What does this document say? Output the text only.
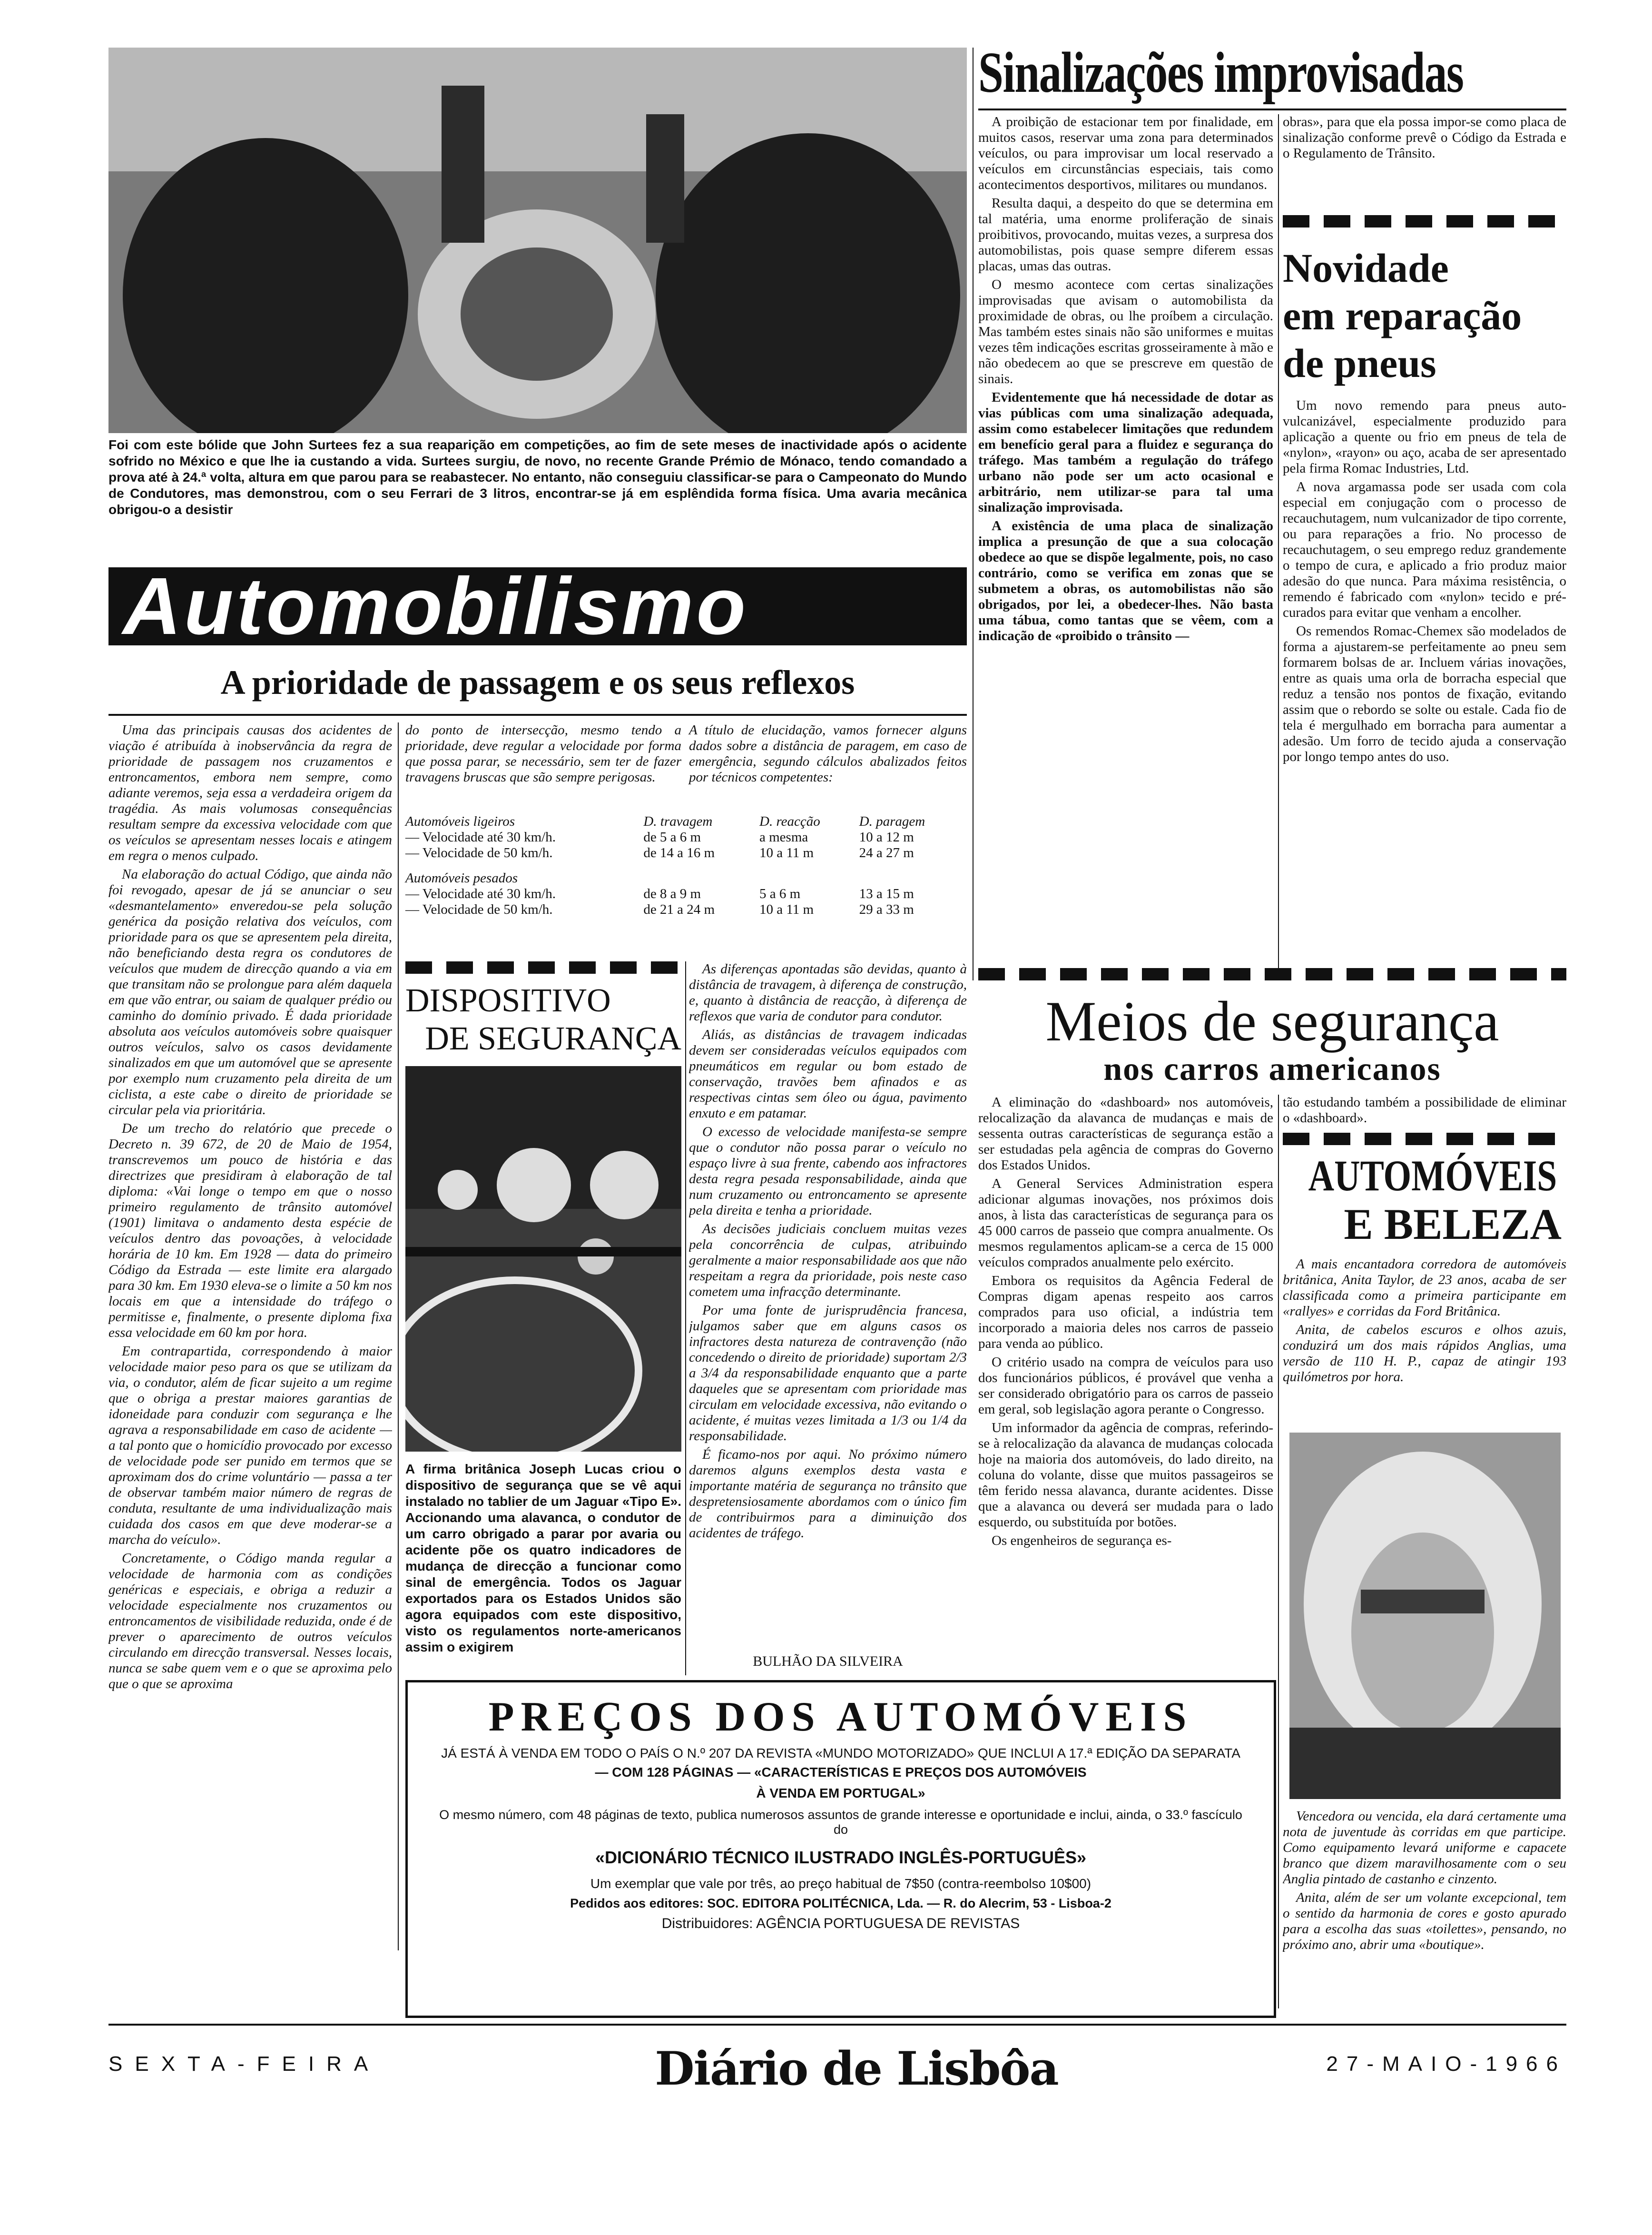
Foi com este bólide que John Surtees fez a sua reaparição em competições, ao fim de sete meses de inactividade após o acidente sofrido no México e que lhe ia custando a vida. Surtees surgiu, de novo, no recente Grande Prémio de Mónaco, tendo comandado a prova até à 24.ª volta, altura em que parou para se reabastecer. No entanto, não conseguiu classificar-se para o Campeonato do Mundo de Condutores, mas demonstrou, com o seu Ferrari de 3 litros, encontrar-se já em esplêndida forma física. Uma avaria mecânica obrigou-o a desistir
Automobilismo
A prioridade de passagem e os seus reflexos

Uma das principais causas dos acidentes de viação é atribuída à inobservância da regra de prioridade de passagem nos cruzamentos e entroncamentos, embora nem sempre, como adiante veremos, seja essa a verdadeira origem da tragédia. As mais volumosas consequências resultam sempre da excessiva velocidade com que os veículos se apresentam nesses locais e atingem em regra o menos culpado.

Na elaboração do actual Código, que ainda não foi revogado, apesar de já se anunciar o seu «desmantelamento» enveredou-se pela solução genérica da posição relativa dos veículos, com prioridade para os que se apresentem pela direita, não beneficiando desta regra os condutores de veículos que mudem de direcção quando a via em que transitam não se prolongue para além daquela em que vão entrar, ou saiam de qualquer prédio ou caminho do domínio privado. É dada prioridade absoluta aos veículos automóveis sobre quaisquer outros veículos, salvo os casos devidamente sinalizados em que um automóvel que se apresente por exemplo num cruzamento pela direita de um ciclista, a este cabe o direito de prioridade se circular pela via prioritária.

De um trecho do relatório que precede o Decreto n. 39 672, de 20 de Maio de 1954, transcrevemos um pouco de história e das directrizes que presidiram à elaboração de tal diploma: «Vai longe o tempo em que o nosso primeiro regulamento de trânsito automóvel (1901) limitava o andamento desta espécie de veículos dentro das povoações, à velocidade horária de 10 km. Em 1928 — data do primeiro Código da Estrada — este limite era alargado para 30 km. Em 1930 eleva-se o limite a 50 km nos locais em que a intensidade do tráfego o permitisse e, finalmente, o presente diploma fixa essa velocidade em 60 km por hora.

Em contrapartida, correspondendo à maior velocidade maior peso para os que se utilizam da via, o condutor, além de ficar sujeito a um regime que o obriga a prestar maiores garantias de idoneidade para conduzir com segurança e lhe agrava a responsabilidade em caso de acidente — a tal ponto que o homicídio provocado por excesso de velocidade pode ser punido em termos que se aproximam dos do crime voluntário — passa a ter de observar também maior número de regras de conduta, resultante de uma individualização mais cuidada dos casos em que deve moderar-se a marcha do veículo».

Concretamente, o Código manda regular a velocidade de harmonia com as condições genéricas e especiais, e obriga a reduzir a velocidade especialmente nos cruzamentos ou entroncamentos de visibilidade reduzida, onde é de prever o aparecimento de outros veículos circulando em direcção transversal. Nesses locais, nunca se sabe quem vem e o que se aproxima pelo que o que se aproxima

do ponto de intersecção, mesmo tendo a prioridade, deve regular a velocidade por forma que possa parar, se necessário, sem ter de fazer travagens bruscas que são sempre perigosas.
A título de elucidação, vamos fornecer alguns dados sobre a distância de paragem, em caso de emergência, segundo cálculos abalizados feitos por técnicos competentes:
Automóveis ligeiros	D. travagem	D. reacção	D. paragem
— Velocidade até 30 km/h.	de 5 a 6 m	a mesma	10 a 12 m
— Velocidade de 50 km/h.	de 14 a 16 m	10 a 11 m	24 a 27 m
Automóveis pesados			
— Velocidade até 30 km/h.	de 8 a 9 m	5 a 6 m	13 a 15 m
— Velocidade de 50 km/h.	de 21 a 24 m	10 a 11 m	29 a 33 m
DISPOSITIVO
DE SEGURANÇA
A firma britânica Joseph Lucas criou o dispositivo de segurança que se vê aqui instalado no tablier de um Jaguar «Tipo E». Accionando uma alavanca, o condutor de um carro obrigado a parar por avaria ou acidente põe os quatro indicadores de mudança de direcção a funcionar como sinal de emergência. Todos os Jaguar exportados para os Estados Unidos são agora equipados com este dispositivo, visto os regulamentos norte-americanos assim o exigirem

As diferenças apontadas são devidas, quanto à distância de travagem, à diferença de construção, e, quanto à distância de reacção, à diferença de reflexos que varia de condutor para condutor.

Aliás, as distâncias de travagem indicadas devem ser consideradas veículos equipados com pneumáticos em regular ou bom estado de conservação, travões bem afinados e as respectivas cintas sem óleo ou água, pavimento enxuto e em patamar.

O excesso de velocidade manifesta-se sempre que o condutor não possa parar o veículo no espaço livre à sua frente, cabendo aos infractores desta regra pesada responsabilidade, ainda que num cruzamento ou entroncamento se apresente pela direita e tenha a prioridade.

As decisões judiciais concluem muitas vezes pela concorrência de culpas, atribuindo geralmente a maior responsabilidade aos que não respeitam a regra da prioridade, pois neste caso cometem uma infracção determinante.

Por uma fonte de jurisprudência francesa, julgamos saber que em alguns casos os infractores desta natureza de contravenção (não concedendo o direito de prioridade) suportam 2/3 a 3/4 da responsabilidade enquanto que a parte daqueles que se apresentam com prioridade mas circulam em velocidade excessiva, não evitando o acidente, é muitas vezes limitada a 1/3 ou 1/4 da responsabilidade.

É ficamo-nos por aqui. No próximo número daremos alguns exemplos desta vasta e importante matéria de segurança no trânsito que despretensiosamente abordamos com o único fim de contribuirmos para a diminuição dos acidentes de tráfego.

BULHÃO DA SILVEIRA
PREÇOS DOS AUTOMÓVEIS
JÁ ESTÁ À VENDA EM TODO O PAÍS O N.º 207 DA REVISTA «MUNDO MOTORIZADO» QUE INCLUI A 17.ª EDIÇÃO DA SEPARATA
— COM 128 PÁGINAS — «CARACTERÍSTICAS E PREÇOS DOS AUTOMÓVEIS
À VENDA EM PORTUGAL»
O mesmo número, com 48 páginas de texto, publica numerosos assuntos de grande interesse e oportunidade e inclui, ainda, o 33.º fascículo do
«DICIONÁRIO TÉCNICO ILUSTRADO INGLÊS-PORTUGUÊS»
Um exemplar que vale por três, ao preço habitual de 7$50 (contra-reembolso 10$00)
Pedidos aos editores: SOC. EDITORA POLITÉCNICA, Lda. — R. do Alecrim, 53 - Lisboa-2
Distribuidores: AGÊNCIA PORTUGUESA DE REVISTAS
Sinalizações improvisadas

A proibição de estacionar tem por finalidade, em muitos casos, reservar uma zona para determinados veículos, ou para improvisar um local reservado a veículos em circunstâncias especiais, tais como acontecimentos desportivos, militares ou mundanos.

Resulta daqui, a despeito do que se determina em tal matéria, uma enorme proliferação de sinais proibitivos, provocando, muitas vezes, a surpresa dos automobilistas, pois quase sempre diferem essas placas, umas das outras.

O mesmo acontece com certas sinalizações improvisadas que avisam o automobilista da proximidade de obras, ou lhe proíbem a circulação. Mas também estes sinais não são uniformes e muitas vezes têm indicações escritas grosseiramente à mão e não obedecem ao que se prescreve em questão de sinais.

Evidentemente que há necessidade de dotar as vias públicas com uma sinalização adequada, assim como estabelecer limitações que redundem em benefício geral para a fluidez e segurança do tráfego. Mas também a regulação do tráfego urbano não pode ser um acto ocasional e arbitrário, nem utilizar-se para tal uma sinalização improvisada.

A existência de uma placa de sinalização implica a presunção de que a sua colocação obedece ao que se dispõe legalmente, pois, no caso contrário, como se verifica em zonas que se submetem a obras, os automobilistas não são obrigados, por lei, a obedecer-lhes. Não basta uma tábua, como tantas que se vêem, com a indicação de «proibido o trânsito —

obras», para que ela possa impor-se como placa de sinalização conforme prevê o Código da Estrada e o Regulamento de Trânsito.
Novidade
em reparação
de pneus

Um novo remendo para pneus auto-vulcanizável, especialmente produzido para aplicação a quente ou frio em pneus de tela de «nylon», «rayon» ou aço, acaba de ser apresentado pela firma Romac Industries, Ltd.

A nova argamassa pode ser usada com cola especial em conjugação com o processo de recauchutagem, num vulcanizador de tipo corrente, ou para reparações a frio. No processo de recauchutagem, o seu emprego reduz grandemente o tempo de cura, e aplicado a frio produz maior adesão do que nunca. Para máxima resistência, o remendo é fabricado com «nylon» tecido e pré-curados para evitar que venham a encolher.

Os remendos Romac-Chemex são modelados de forma a ajustarem-se perfeitamente ao pneu sem formarem bolsas de ar. Incluem várias inovações, entre as quais uma orla de borracha especial que reduz a tensão nos pontos de fixação, evitando assim que o rebordo se solte ou estale. Cada fio de tela é mergulhado em borracha para aumentar a adesão. Um forro de tecido ajuda a conservação por longo tempo antes do uso.

Meios de segurança
nos carros americanos

A eliminação do «dashboard» nos automóveis, relocalização da alavanca de mudanças e mais de sessenta outras características de segurança estão a ser estudadas pela agência de compras do Governo dos Estados Unidos.

A General Services Administration espera adicionar algumas inovações, nos próximos dois anos, à lista das características de segurança para os 45 000 carros de passeio que compra anualmente. Os mesmos regulamentos aplicam-se a cerca de 15 000 veículos comprados anualmente pelo exército.

Embora os requisitos da Agência Federal de Compras digam apenas respeito aos carros comprados para uso oficial, a indústria tem incorporado a maioria deles nos carros de passeio para venda ao público.

O critério usado na compra de veículos para uso dos funcionários públicos, é provável que venha a ser considerado obrigatório para os carros de passeio em geral, sob legislação agora perante o Congresso.

Um informador da agência de compras, referindo-se à relocalização da alavanca de mudanças colocada hoje na maioria dos automóveis, do lado direito, na coluna do volante, disse que muitos passageiros se têm ferido nessa alavanca, durante acidentes. Disse que a alavanca ou deverá ser mudada para o lado esquerdo, ou substituída por botões.

Os engenheiros de segurança es-

tão estudando também a possibilidade de eliminar o «dashboard».
AUTOMÓVEIS
E BELEZA

A mais encantadora corredora de automóveis britânica, Anita Taylor, de 23 anos, acaba de ser classificada como a primeira participante em «rallyes» e corridas da Ford Britânica.

Anita, de cabelos escuros e olhos azuis, conduzirá um dos mais rápidos Anglias, uma versão de 110 H. P., capaz de atingir 193 quilómetros por hora.

Vencedora ou vencida, ela dará certamente uma nota de juventude às corridas em que participe. Como equipamento levará uniforme e capacete branco que dizem maravilhosamente com o seu Anglia pintado de castanho e cinzento.

Anita, além de ser um volante excepcional, tem o sentido da harmonia de cores e gosto apurado para a escolha das suas «toilettes», pensando, no próximo ano, abrir uma «boutique».

SEXTA-FEIRA	Diário de Lisbôa	27-MAIO-1966
